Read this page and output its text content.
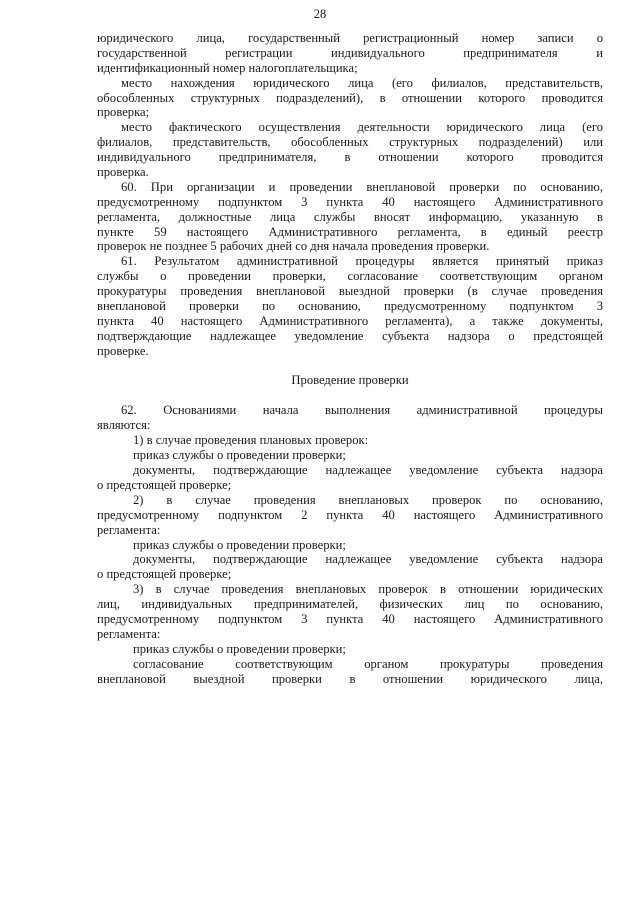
28
юридического лица, государственный регистрационный номер записи о
государственной регистрации индивидуального предпринимателя и
идентификационный номер налогоплательщика;
место нахождения юридического лица (его филиалов, представительств,
обособленных структурных подразделений), в отношении которого проводится
проверка;
место фактического осуществления деятельности юридического лица (его
филиалов, представительств, обособленных структурных подразделений) или
индивидуального предпринимателя, в отношении которого проводится
проверка.
60. При организации и проведении внеплановой проверки по основанию,
предусмотренному подпунктом 3 пункта 40 настоящего Административного
регламента, должностные лица службы вносят информацию, указанную в
пункте 59 настоящего Административного регламента, в единый реестр
проверок не позднее 5 рабочих дней со дня начала проведения проверки.
61. Результатом административной процедуры является принятый приказ
службы о проведении проверки, согласование соответствующим органом
прокуратуры проведения внеплановой выездной проверки (в случае проведения
внеплановой проверки по основанию, предусмотренному подпунктом 3
пункта 40 настоящего Административного регламента), а также документы,
подтверждающие надлежащее уведомление субъекта надзора о предстоящей
проверке.
Проведение проверки
62. Основаниями начала выполнения административной процедуры
являются:
1) в случае проведения плановых проверок:
приказ службы о проведении проверки;
документы, подтверждающие надлежащее уведомление субъекта надзора
о предстоящей проверке;
2) в случае проведения внеплановых проверок по основанию,
предусмотренному подпунктом 2 пункта 40 настоящего Административного
регламента:
приказ службы о проведении проверки;
документы, подтверждающие надлежащее уведомление субъекта надзора
о предстоящей проверке;
3) в случае проведения внеплановых проверок в отношении юридических
лиц, индивидуальных предпринимателей, физических лиц по основанию,
предусмотренному подпунктом 3 пункта 40 настоящего Административного
регламента:
приказ службы о проведении проверки;
согласование соответствующим органом прокуратуры проведения
внеплановой выездной проверки в отношении юридического лица,
